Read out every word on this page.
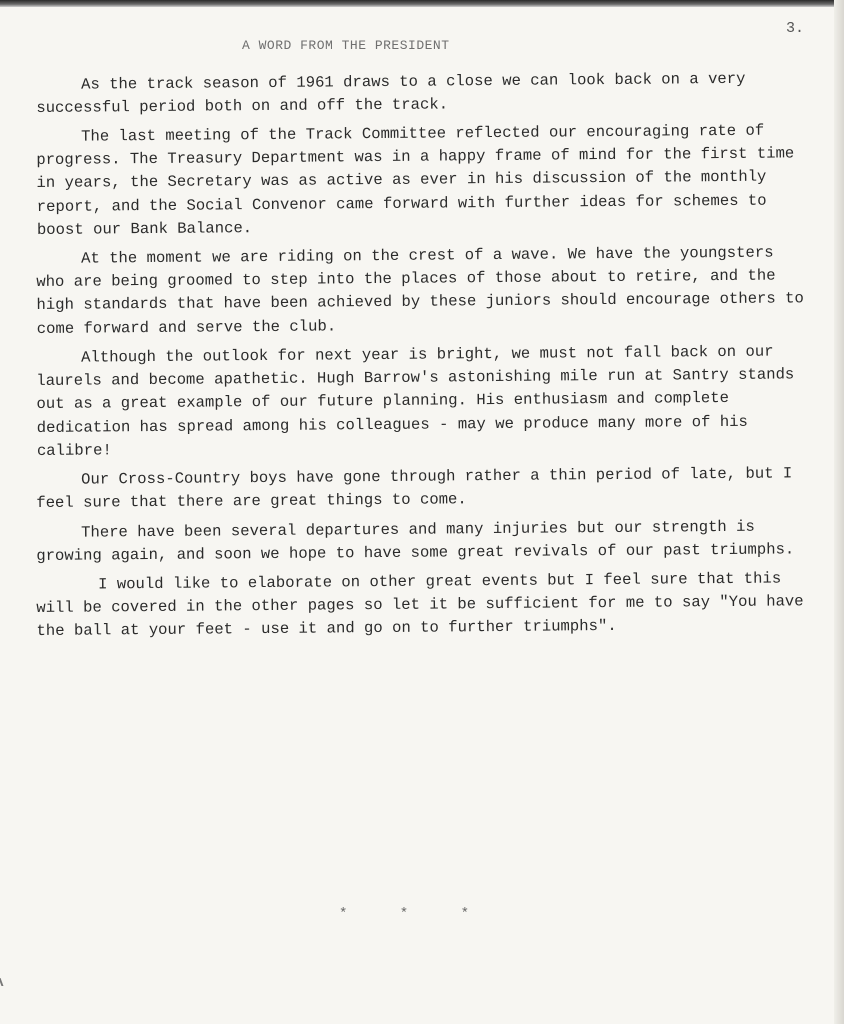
3.
A WORD FROM THE PRESIDENT

As the track season of 1961 draws to a close we can look back on a very successful period both on and off the track.

The last meeting of the Track Committee reflected our encouraging rate of progress. The Treasury Department was in a happy frame of mind for the first time in years, the Secretary was as active as ever in his discussion of the monthly report, and the Social Convenor came forward with further ideas for schemes to boost our Bank Balance.

At the moment we are riding on the crest of a wave. We have the youngsters who are being groomed to step into the places of those about to retire, and the high standards that have been achieved by these juniors should encourage others to come forward and serve the club.

Although the outlook for next year is bright, we must not fall back on our laurels and become apathetic. Hugh Barrow's astonishing mile run at Santry stands out as a great example of our future planning. His enthusiasm and complete dedication has spread among his colleagues - may we produce many more of his calibre!

Our Cross-Country boys have gone through rather a thin period of late, but I feel sure that there are great things to come.

There have been several departures and many injuries but our strength is growing again, and soon we hope to have some great revivals of our past triumphs.

I would like to elaborate on other great events but I feel sure that this will be covered in the other pages so let it be sufficient for me to say "You have the ball at your feet - use it and go on to further triumphs".

* * *
